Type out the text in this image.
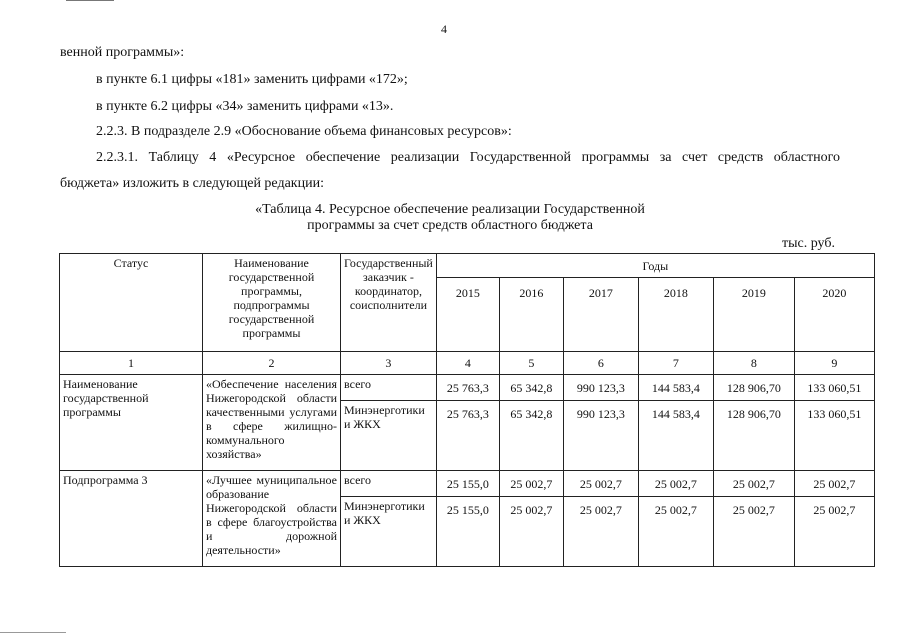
4
венной программы»:
в пункте 6.1 цифры «181» заменить цифрами «172»;
в пункте 6.2 цифры «34» заменить цифрами «13».
2.2.3. В подразделе 2.9 «Обоснование объема финансовых ресурсов»:
2.2.3.1. Таблицу 4 «Ресурсное обеспечение реализации Государственной программы за счет средств областного
бюджета» изложить в следующей редакции:
«Таблица 4. Ресурсное обеспечение реализации Государственной
программы за счет средств областного бюджета
тыс. руб.
Статус	Наименование государственной программы, подпрограммы государственной программы	Государственный заказчик - координатор, соисполнители	Годы					
			2015	2016	2017	2018	2019	2020
1	2	3	4	5	6	7	8	9
Наименование государственной программы	«Обеспечение населения Нижегородской области качественными услугами в сфере жилищно-коммунального хозяйства»	всего	25 763,3	65 342,8	990 123,3	144 583,4	128 906,70	133 060,51
		Минэнерготики и ЖКХ	25 763,3	65 342,8	990 123,3	144 583,4	128 906,70	133 060,51
Подпрограмма 3	«Лучшее муниципальное образование Нижегородской области в сфере благоустройства и дорожной деятельности»	всего	25 155,0	25 002,7	25 002,7	25 002,7	25 002,7	25 002,7
		Минэнерготики и ЖКХ	25 155,0	25 002,7	25 002,7	25 002,7	25 002,7	25 002,7
